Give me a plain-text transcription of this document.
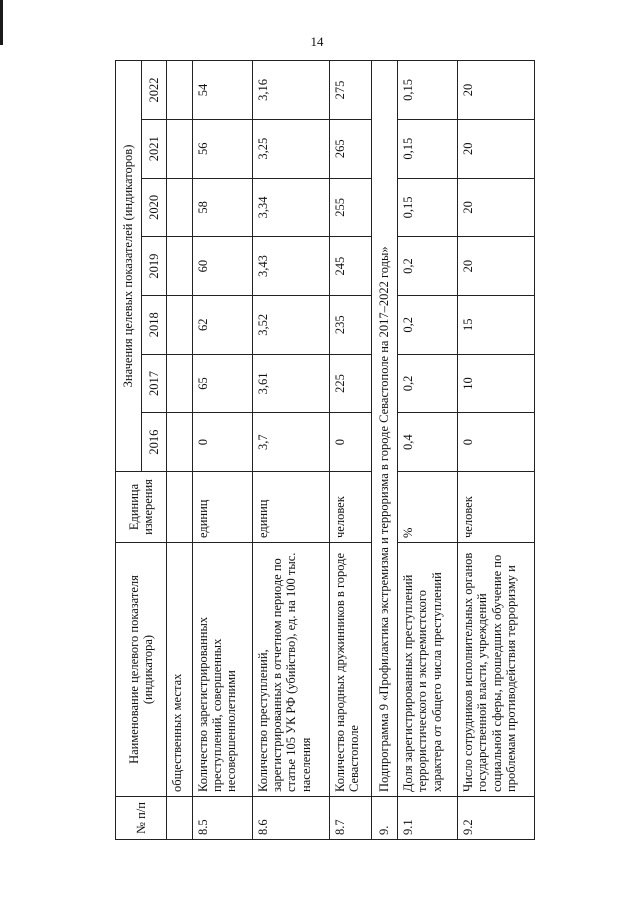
14
№ п/п	Наименование целевого показателя (индикатора)	Единица измерения	Значения целевых показателей (индикаторов)						
			2016	2017	2018	2019	2020	2021	2022
	общественных местах								
8.5	Количество зарегистрированных преступлений, совершенных несовершеннолетними	единиц	0	65	62	60	58	56	54
8.6	Количество преступлений, зарегистрированных в отчетном периоде по статье 105 УК РФ (убийство), ед. на 100 тыс. населения	единиц	3,7	3,61	3,52	3,43	3,34	3,25	3,16
8.7	Количество народных дружинников в городе Севастополе	человек	0	225	235	245	255	265	275
9.	Подпрограмма 9 «Профилактика экстремизма и терроризма в городе Севастополе на 2017–2022 годы»								
9.1	Доля зарегистрированных преступлений террористического и экстремистского характера от общего числа преступлений	%	0,4	0,2	0,2	0,2	0,15	0,15	0,15
9.2	Число сотрудников исполнительных органов государственной власти, учреждений социальной сферы, прошедших обучение по проблемам противодействия терроризму и	человек	0	10	15	20	20	20	20
